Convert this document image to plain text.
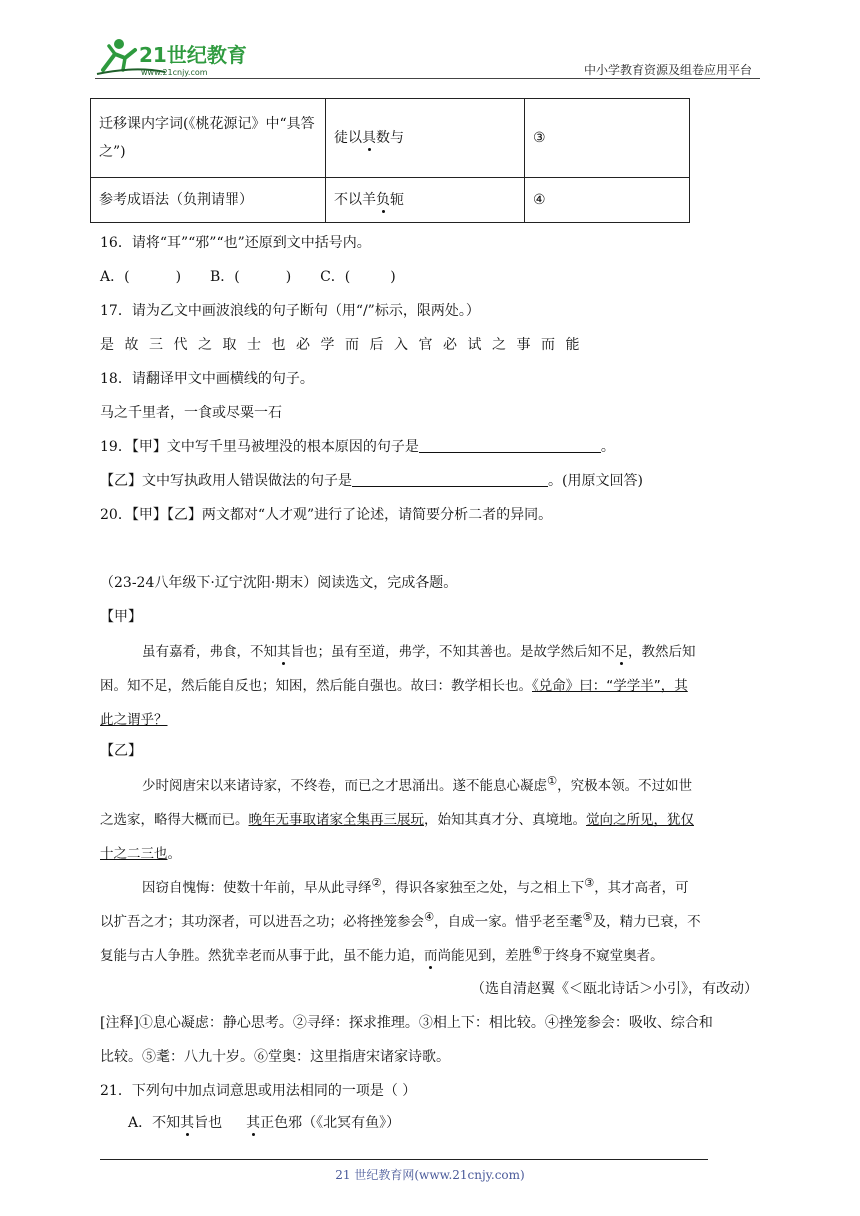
21世纪教育
www.21cnjy.com	中小学教育资源及组卷应用平台
迁移课内字词(《桃花源记》中“具答之”)	徒以具数与	③
参考成语法（负荆请罪）	不以羊负轭	④
16．请将“耳”“邪”“也”还原到文中括号内。
A．(	) B．(	) C．(	)
17．请为乙文中画波浪线的句子断句（用“/”标示，限两处。）
是故三代之取士也必学而后入官必试之事而能
18．请翻译甲文中画横线的句子。
马之千里者，一食或尽粟一石
19．【甲】文中写千里马被埋没的根本原因的句子是	。
【乙】文中写执政用人错误做法的句子是	。(用原文回答)
20．【甲】【乙】两文都对“人才观”进行了论述，请简要分析二者的异同。
（23-24八年级下·辽宁沈阳·期末）阅读选文，完成各题。
【甲】
虽有嘉肴，弗食，不知其旨也；虽有至道，弗学，不知其善也。是故学然后知不足，教然后知
困。知不足，然后能自反也；知困，然后能自强也。故曰：教学相长也。《兑命》曰：“学学半”，其
此之谓乎？
【乙】
少时阅唐宋以来诸诗家，不终卷，而已之才思涌出。遂不能息心凝虑①，究极本领。不过如世
之选家，略得大概而已。晚年无事取诸家全集再三展玩，始知其真才分、真境地。觉向之所见，犹仅
十之二三也。
因窃自愧悔：使数十年前，早从此寻绎②，得识各家独至之处，与之相上下③，其才高者，可
以扩吾之才；其功深者，可以进吾之功；必将挫笼参会④，自成一家。惜乎老至耄⑤及，精力已衰，不
复能与古人争胜。然犹幸老而从事于此，虽不能力追，而尚能见到，差胜⑥于终身不窥堂奥者。
（选自清赵翼《＜瓯北诗话＞小引》，有改动）
[注释]①息心凝虑：静心思考。②寻绎：探求推理。③相上下：相比较。④挫笼参会：吸收、综合和
比较。⑤耄：八九十岁。⑥堂奥：这里指唐宋诸家诗歌。
21．下列句中加点词意思或用法相同的一项是（ ）
A．不知其旨也 其正色邪（《北冥有鱼》）
21 世纪教育网(www.21cnjy.com)
